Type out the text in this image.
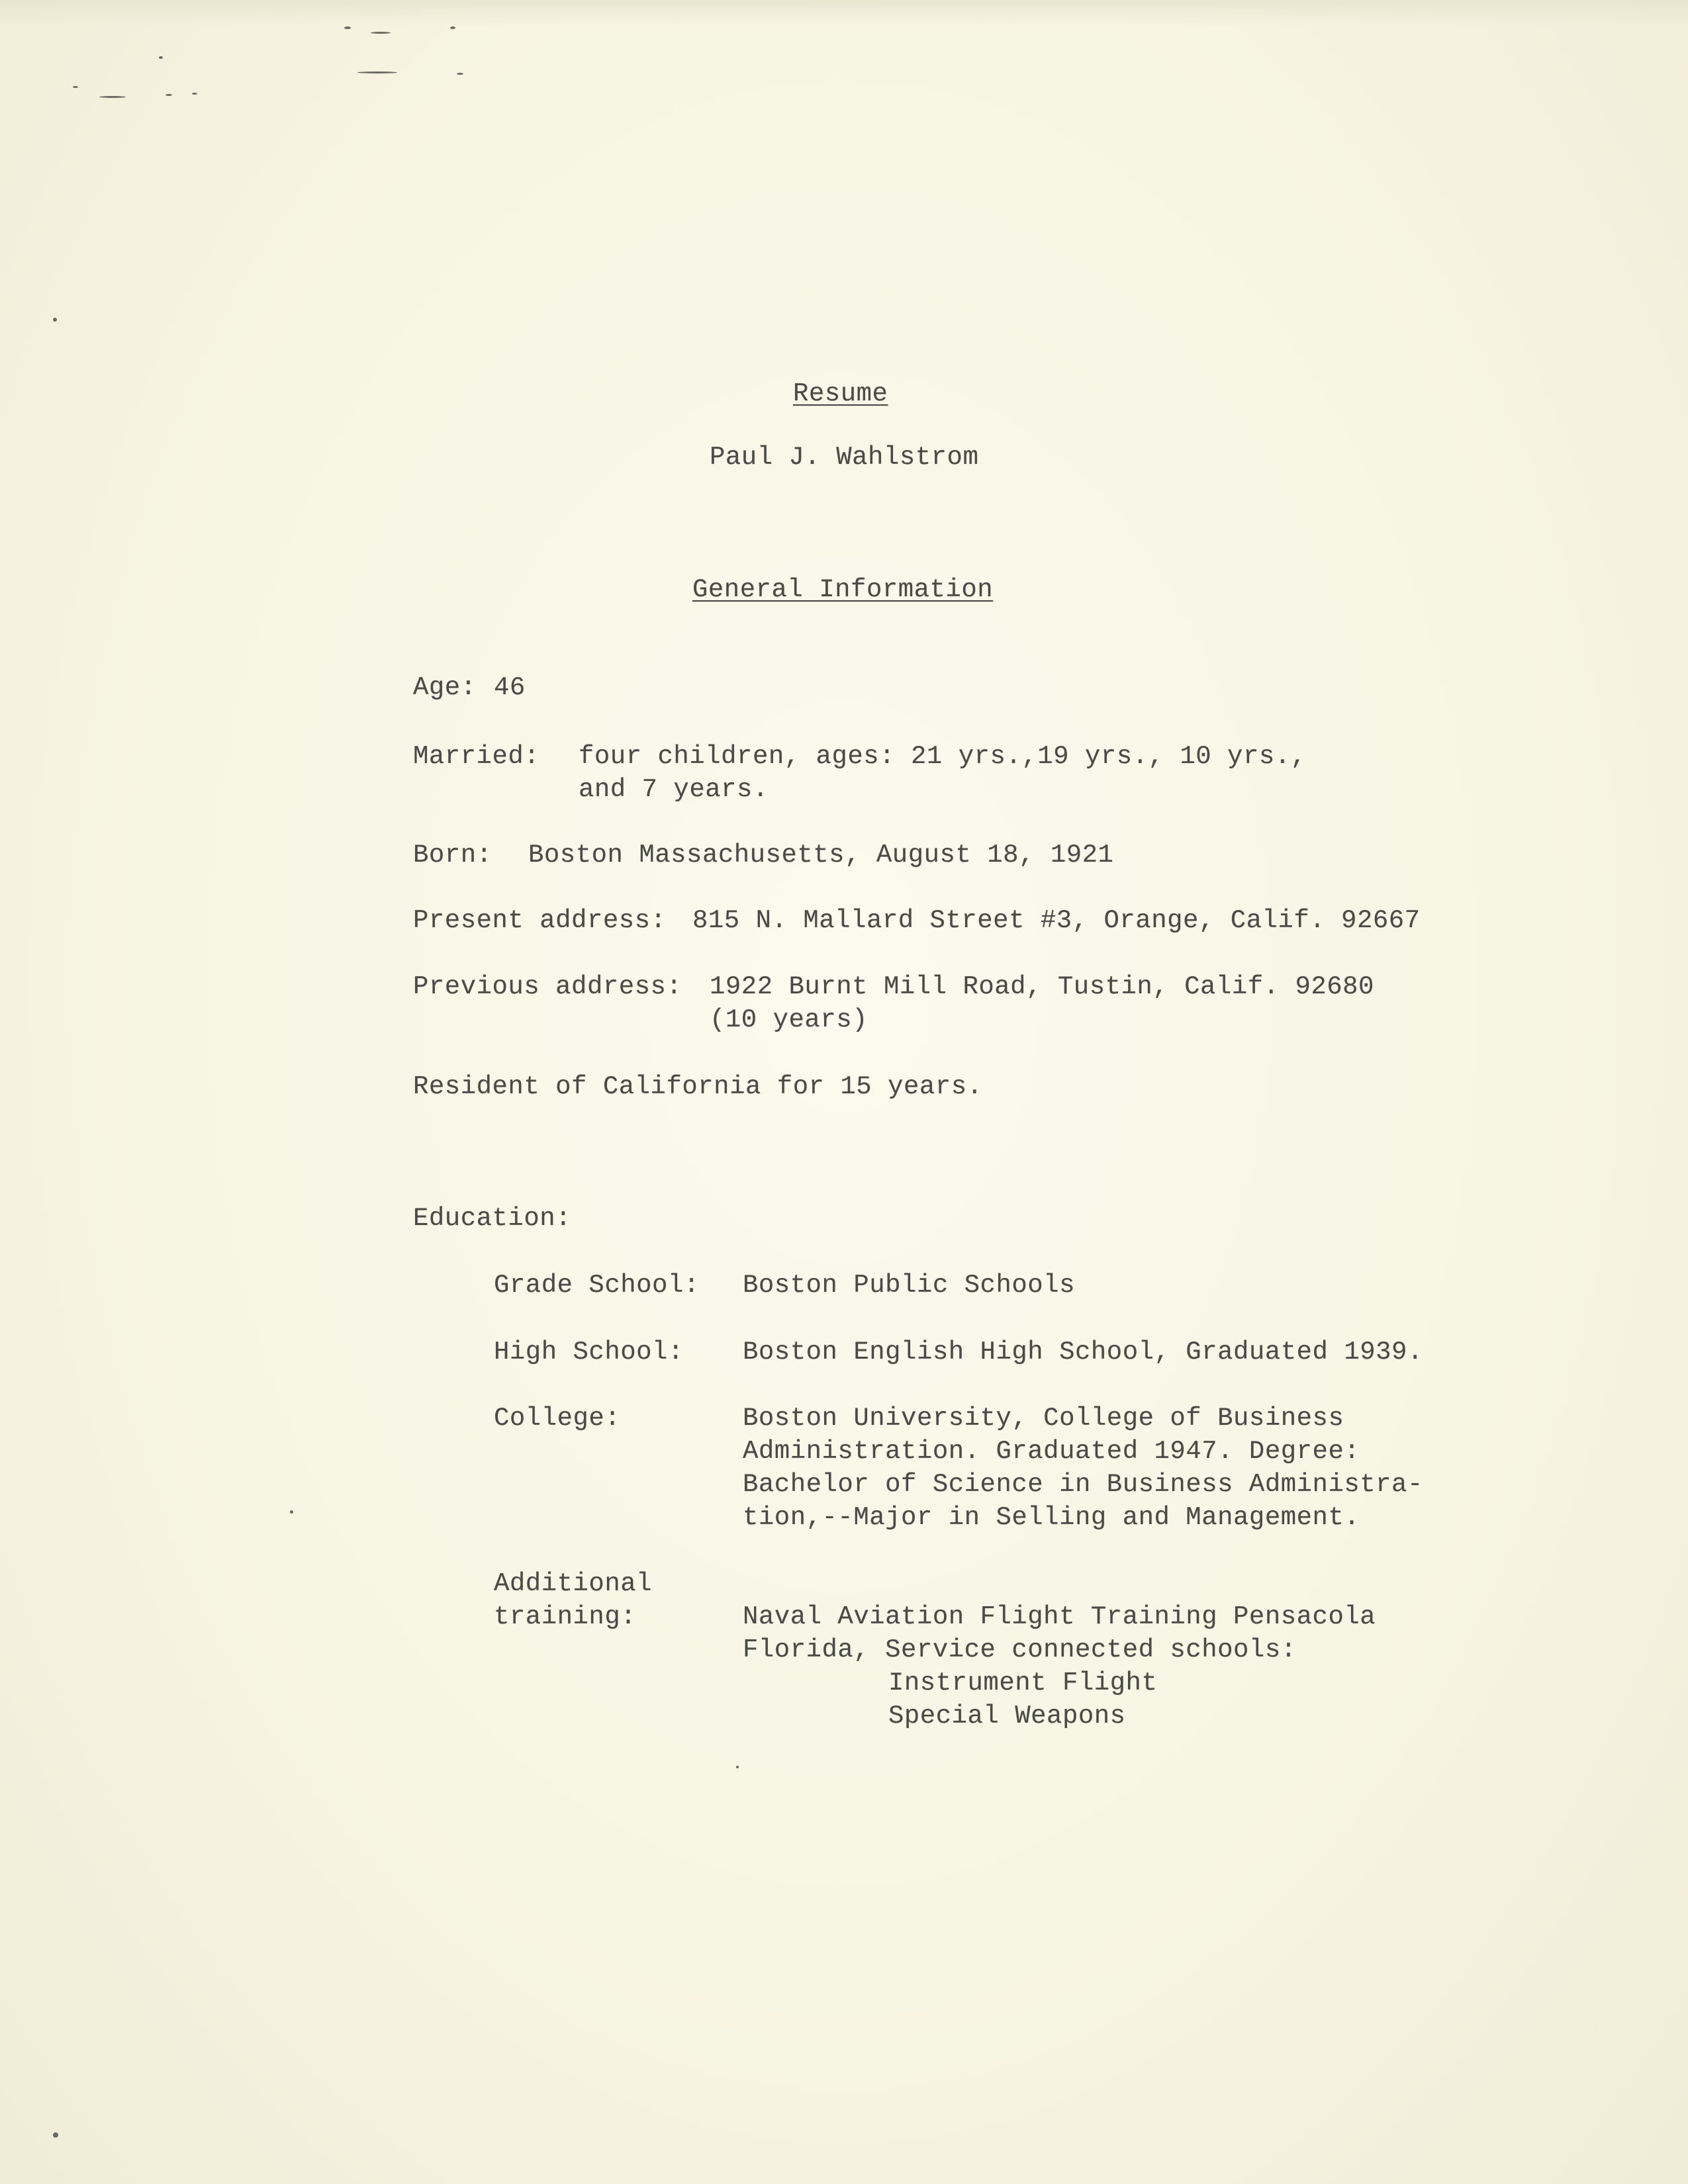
Resume

Paul J. Wahlstrom

General Information

Age: 46

Married: four children, ages: 21 yrs.,19 yrs., 10 yrs.,

and 7 years.

Born: Boston Massachusetts, August 18, 1921

Present address: 815 N. Mallard Street #3, Orange, Calif. 92667

Previous address: 1922 Burnt Mill Road, Tustin, Calif. 92680

(10 years)

Resident of California for 15 years.

Education:

Grade School: Boston Public Schools

High School: Boston English High School, Graduated 1939.

College:	Boston University, College of Business

Administration. Graduated 1947. Degree:

Bachelor of Science in Business Administra-

tion,--Major in Selling and Management.

Additional

training:	Naval Aviation Flight Training Pensacola

Florida, Service connected schools:

Instrument Flight

Special Weapons
